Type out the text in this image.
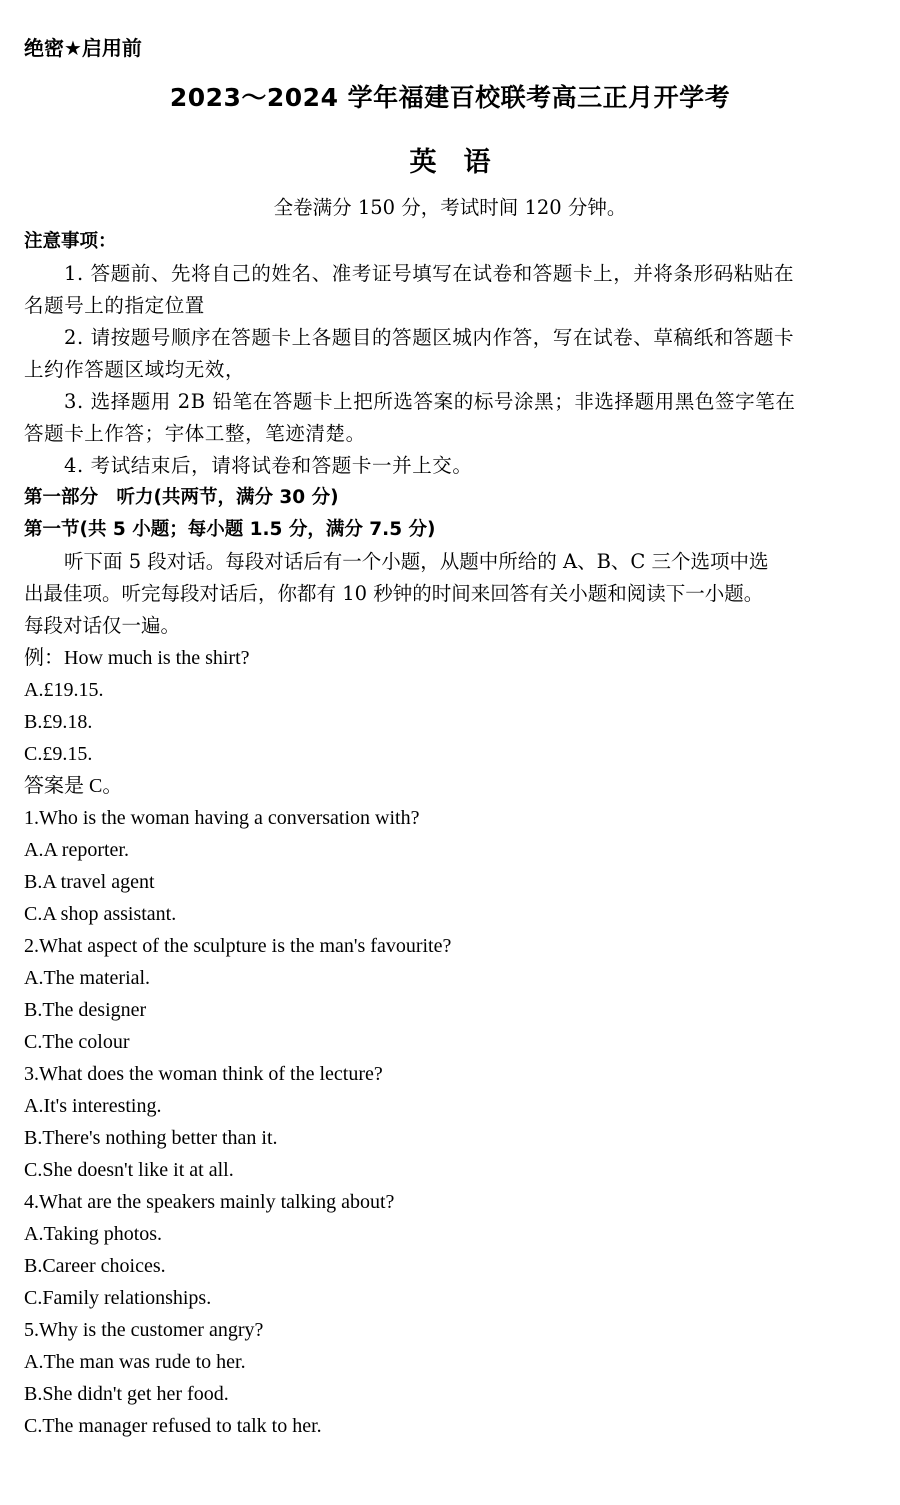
绝密★启用前
2023～2024 学年福建百校联考高三正月开学考
英　语
全卷满分 150 分，考试时间 120 分钟。
注意事项：
1. 答题前、先将自己的姓名、准考证号填写在试卷和答题卡上，并将条形码粘贴在
名题号上的指定位置
2. 请按题号顺序在答题卡上各题目的答题区城内作答，写在试卷、草稿纸和答题卡
上约作答题区域均无效，
3. 选择题用 2B 铅笔在答题卡上把所选答案的标号涂黑；非选择题用黑色签字笔在
答题卡上作答；宇体工整，笔迹清楚。
4. 考试结束后，请将试卷和答题卡一并上交。
第一部分　听力(共两节，满分 30 分)
第一节(共 5 小题；每小题 1.5 分，满分 7.5 分)
听下面 5 段对话。每段对话后有一个小题，从题中所给的 A、B、C 三个选项中选
出最佳项。听完每段对话后，你都有 10 秒钟的时间来回答有关小题和阅读下一小题。
每段对话仅一遍。
例：How much is the shirt?
A.£19.15.
B.£9.18.
C.£9.15.
答案是 C。
1.Who is the woman having a conversation with?
A.A reporter.
B.A travel agent
C.A shop assistant.
2.What aspect of the sculpture is the man's favourite?
A.The material.
B.The designer
C.The colour
3.What does the woman think of the lecture?
A.It's interesting.
B.There's nothing better than it.
C.She doesn't like it at all.
4.What are the speakers mainly talking about?
A.Taking photos.
B.Career choices.
C.Family relationships.
5.Why is the customer angry?
A.The man was rude to her.
B.She didn't get her food.
C.The manager refused to talk to her.
